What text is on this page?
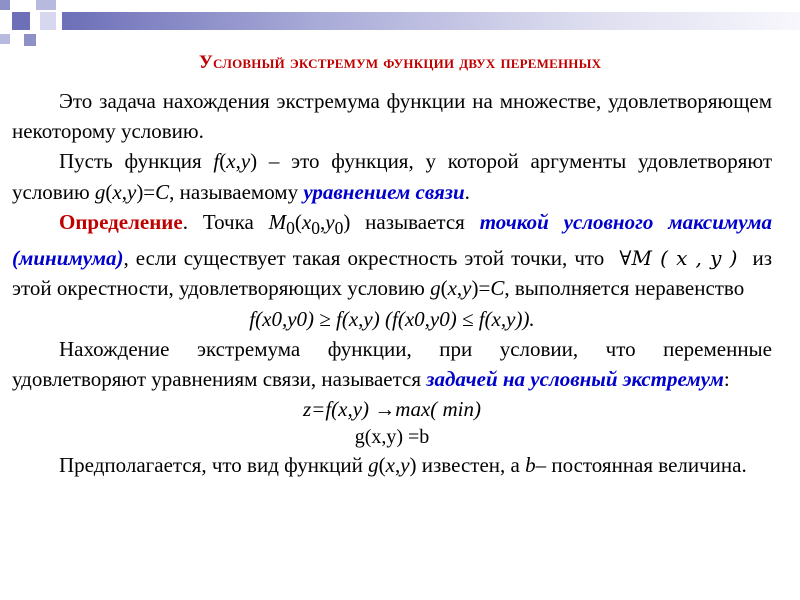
Условный экстремум функции двух переменных

Это задача нахождения экстремума функции на множестве, удовлетворяющем некоторому условию.

Пусть функция f(x,y) – это функция, у которой аргументы удовлетворяют условию g(x,y)=C, называемому уравнением связи.

Определение. Точка $M_0(x_0,y_0)$ называется точкой условного максимума (минимума), если существует такая окрестность этой точки, что ∀M ( x , y ) из этой окрестности, удовлетворяющих условию g(x,y)=C, выполняется неравенство

f(x0,y0) ≥ f(x,y) (f(x0,y0) ≤ f(x,y)).

Нахождение экстремума функции, при условии, что переменные удовлетворяют уравнениям связи, называется задачей на условный экстремум:

z=f(x,y) →max( min)

g(x,y) =b

Предполагается, что вид функций g(x,y) известен, а b– постоянная величина.
